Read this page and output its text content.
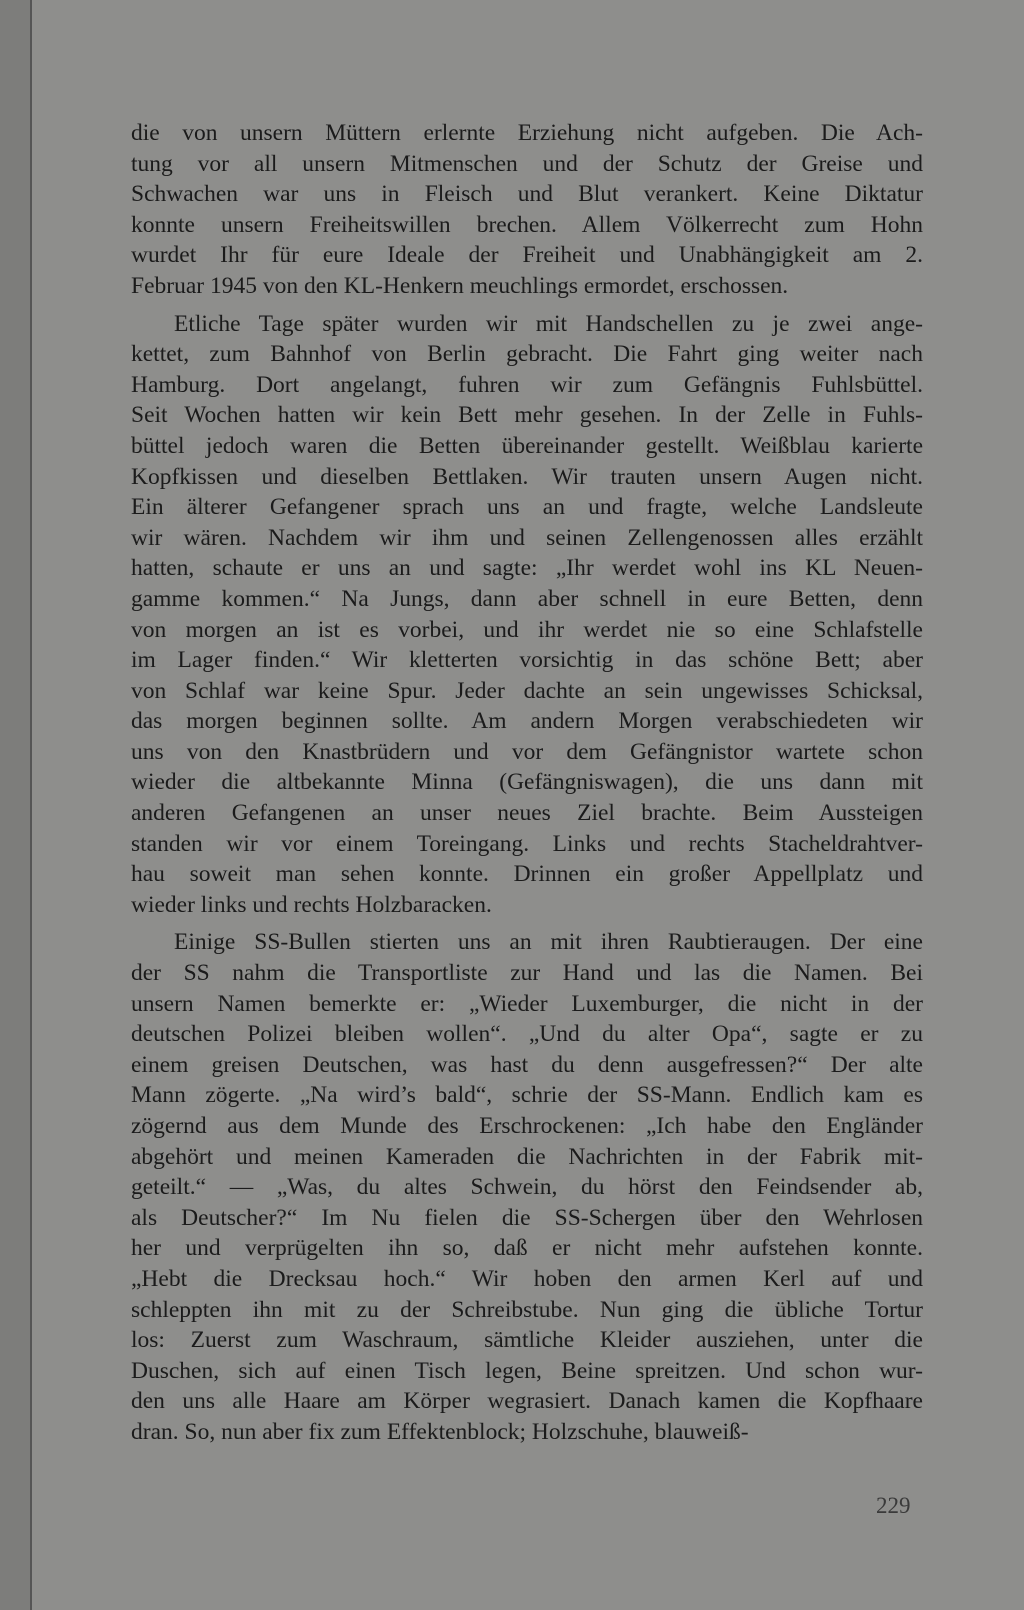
die von unsern Müttern erlernte Erziehung nicht aufgeben. Die Ach-
tung vor all unsern Mitmenschen und der Schutz der Greise und
Schwachen war uns in Fleisch und Blut verankert. Keine Diktatur
konnte unsern Freiheitswillen brechen. Allem Völkerrecht zum Hohn
wurdet Ihr für eure Ideale der Freiheit und Unabhängigkeit am 2.
Februar 1945 von den KL-Henkern meuchlings ermordet, erschossen.
Etliche Tage später wurden wir mit Handschellen zu je zwei ange-
kettet, zum Bahnhof von Berlin gebracht. Die Fahrt ging weiter nach
Hamburg. Dort angelangt, fuhren wir zum Gefängnis Fuhlsbüttel.
Seit Wochen hatten wir kein Bett mehr gesehen. In der Zelle in Fuhls-
büttel jedoch waren die Betten übereinander gestellt. Weißblau karierte
Kopfkissen und dieselben Bettlaken. Wir trauten unsern Augen nicht.
Ein älterer Gefangener sprach uns an und fragte, welche Landsleute
wir wären. Nachdem wir ihm und seinen Zellengenossen alles erzählt
hatten, schaute er uns an und sagte: „Ihr werdet wohl ins KL Neuen-
gamme kommen.“ Na Jungs, dann aber schnell in eure Betten, denn
von morgen an ist es vorbei, und ihr werdet nie so eine Schlafstelle
im Lager finden.“ Wir kletterten vorsichtig in das schöne Bett; aber
von Schlaf war keine Spur. Jeder dachte an sein ungewisses Schicksal,
das morgen beginnen sollte. Am andern Morgen verabschiedeten wir
uns von den Knastbrüdern und vor dem Gefängnistor wartete schon
wieder die altbekannte Minna (Gefängniswagen), die uns dann mit
anderen Gefangenen an unser neues Ziel brachte. Beim Aussteigen
standen wir vor einem Toreingang. Links und rechts Stacheldrahtver-
hau soweit man sehen konnte. Drinnen ein großer Appellplatz und
wieder links und rechts Holzbaracken.
Einige SS-Bullen stierten uns an mit ihren Raubtieraugen. Der eine
der SS nahm die Transportliste zur Hand und las die Namen. Bei
unsern Namen bemerkte er: „Wieder Luxemburger, die nicht in der
deutschen Polizei bleiben wollen“. „Und du alter Opa“, sagte er zu
einem greisen Deutschen, was hast du denn ausgefressen?“ Der alte
Mann zögerte. „Na wird’s bald“, schrie der SS-Mann. Endlich kam es
zögernd aus dem Munde des Erschrockenen: „Ich habe den Engländer
abgehört und meinen Kameraden die Nachrichten in der Fabrik mit-
geteilt.“ — „Was, du altes Schwein, du hörst den Feindsender ab,
als Deutscher?“ Im Nu fielen die SS-Schergen über den Wehrlosen
her und verprügelten ihn so, daß er nicht mehr aufstehen konnte.
„Hebt die Drecksau hoch.“ Wir hoben den armen Kerl auf und
schleppten ihn mit zu der Schreibstube. Nun ging die übliche Tortur
los: Zuerst zum Waschraum, sämtliche Kleider ausziehen, unter die
Duschen, sich auf einen Tisch legen, Beine spreitzen. Und schon wur-
den uns alle Haare am Körper wegrasiert. Danach kamen die Kopfhaare
dran. So, nun aber fix zum Effektenblock; Holzschuhe, blauweiß-
229
